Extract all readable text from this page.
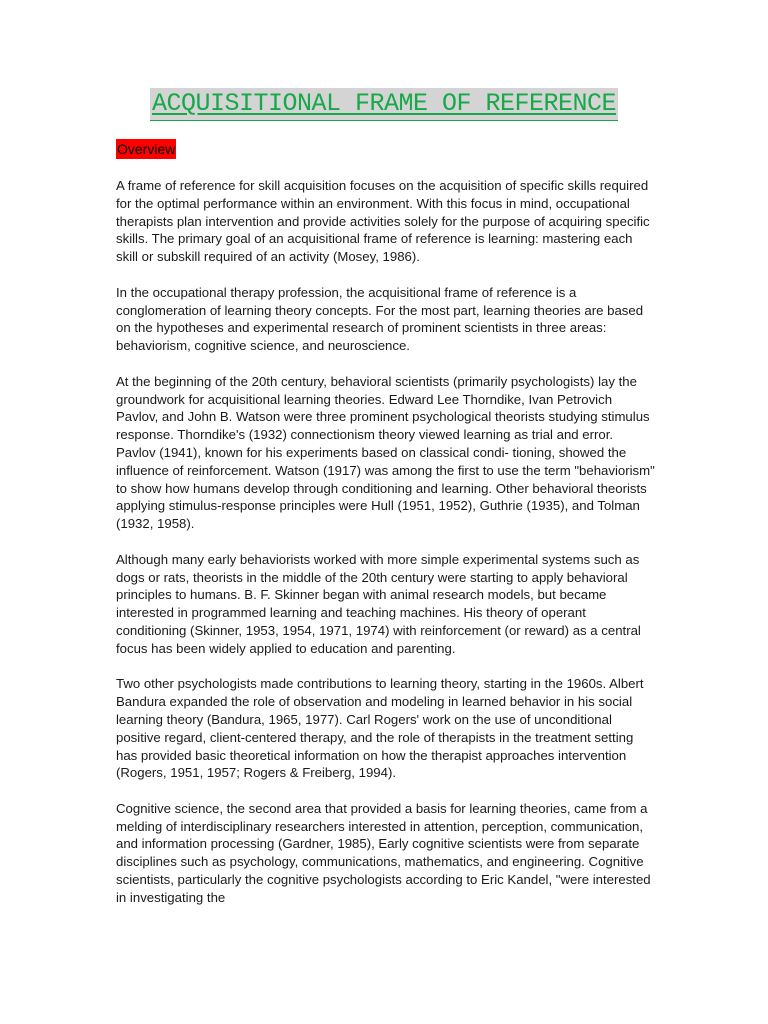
ACQUISITIONAL FRAME OF REFERENCE
Overview

A frame of reference for skill acquisition focuses on the acquisition of specific skills required for the optimal performance within an environment. With this focus in mind, occupational therapists plan intervention and provide activities solely for the purpose of acquiring specific skills. The primary goal of an acquisitional frame of reference is learning: mastering each skill or subskill required of an activity (Mosey, 1986).

In the occupational therapy profession, the acquisitional frame of reference is a conglomeration of learning theory concepts. For the most part, learning theories are based on the hypotheses and experimental research of prominent scientists in three areas: behaviorism, cognitive science, and neuroscience.

At the beginning of the 20th century, behavioral scientists (primarily psychologists) lay the groundwork for acquisitional learning theories. Edward Lee Thorndike, Ivan Petrovich Pavlov, and John B. Watson were three prominent psychological theorists studying stimulus response. Thorndike's (1932) connectionism theory viewed learning as trial and error. Pavlov (1941), known for his experiments based on classical condi- tioning, showed the influence of reinforcement. Watson (1917) was among the first to use the term "behaviorism" to show how humans develop through conditioning and learning. Other behavioral theorists applying stimulus-response principles were Hull (1951, 1952), Guthrie (1935), and Tolman (1932, 1958).

Although many early behaviorists worked with more simple experimental systems such as dogs or rats, theorists in the middle of the 20th century were starting to apply behavioral principles to humans. B. F. Skinner began with animal research models, but became interested in programmed learning and teaching machines. His theory of operant conditioning (Skinner, 1953, 1954, 1971, 1974) with reinforcement (or reward) as a central focus has been widely applied to education and parenting.

Two other psychologists made contributions to learning theory, starting in the 1960s. Albert Bandura expanded the role of observation and modeling in learned behavior in his social learning theory (Bandura, 1965, 1977). Carl Rogers' work on the use of unconditional positive regard, client-centered therapy, and the role of therapists in the treatment setting has provided basic theoretical information on how the therapist approaches intervention (Rogers, 1951, 1957; Rogers & Freiberg, 1994).

Cognitive science, the second area that provided a basis for learning theories, came from a melding of interdisciplinary researchers interested in attention, perception, communication, and information processing (Gardner, 1985), Early cognitive scientists were from separate disciplines such as psychology, communications, mathematics, and engineering. Cognitive scientists, particularly the cognitive psychologists according to Eric Kandel, "were interested in investigating the
